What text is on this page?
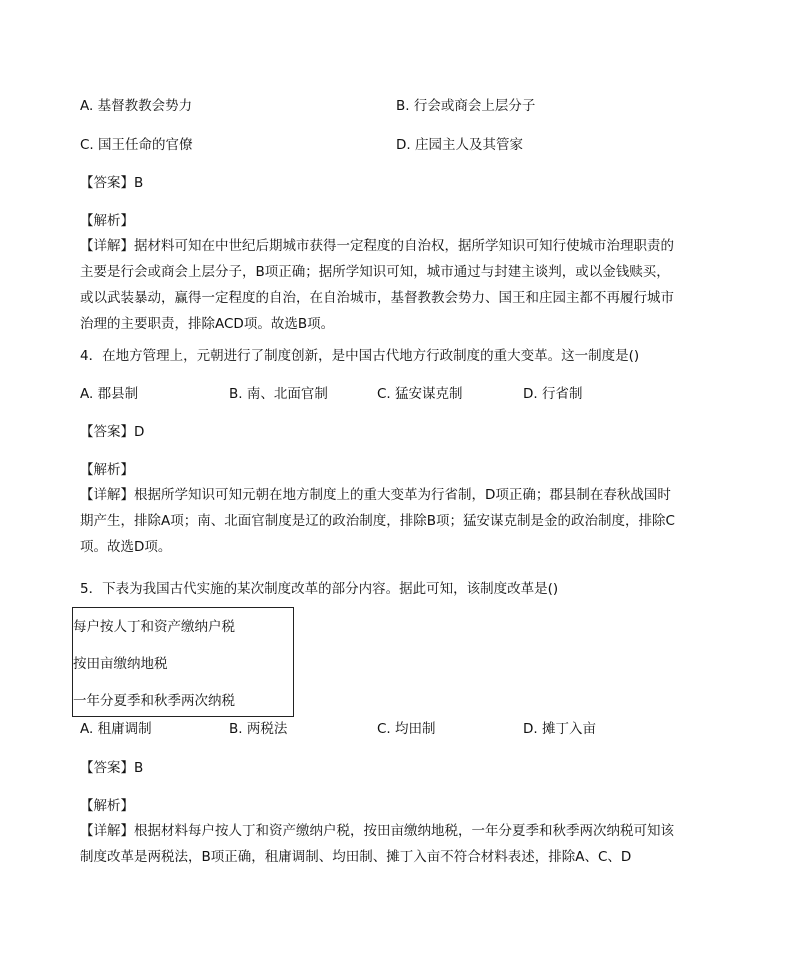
A. 基督教教会势力	B. 行会或商会上层分子
C. 国王任命的官僚	D. 庄园主人及其管家
【答案】B
【解析】
【详解】据材料可知在中世纪后期城市获得一定程度的自治权，据所学知识可知行使城市治理职责的主要是行会或商会上层分子，B项正确；据所学知识可知，城市通过与封建主谈判，或以金钱赎买，或以武装暴动，赢得一定程度的自治，在自治城市，基督教教会势力、国王和庄园主都不再履行城市治理的主要职责，排除ACD项。故选B项。
4．在地方管理上，元朝进行了制度创新，是中国古代地方行政制度的重大变革。这一制度是()
A. 郡县制	B. 南、北面官制	C. 猛安谋克制	D. 行省制
【答案】D
【解析】
【详解】根据所学知识可知元朝在地方制度上的重大变革为行省制，D项正确；郡县制在春秋战国时期产生，排除A项；南、北面官制度是辽的政治制度，排除B项；猛安谋克制是金的政治制度，排除C项。故选D项。
5．下表为我国古代实施的某次制度改革的部分内容。据此可知，该制度改革是()
每户按人丁和资产缴纳户税
按田亩缴纳地税
一年分夏季和秋季两次纳税
A. 租庸调制	B. 两税法	C. 均田制	D. 摊丁入亩
【答案】B
【解析】
【详解】根据材料每户按人丁和资产缴纳户税，按田亩缴纳地税，一年分夏季和秋季两次纳税可知该制度改革是两税法，B项正确，租庸调制、均田制、摊丁入亩不符合材料表述，排除A、C、D
